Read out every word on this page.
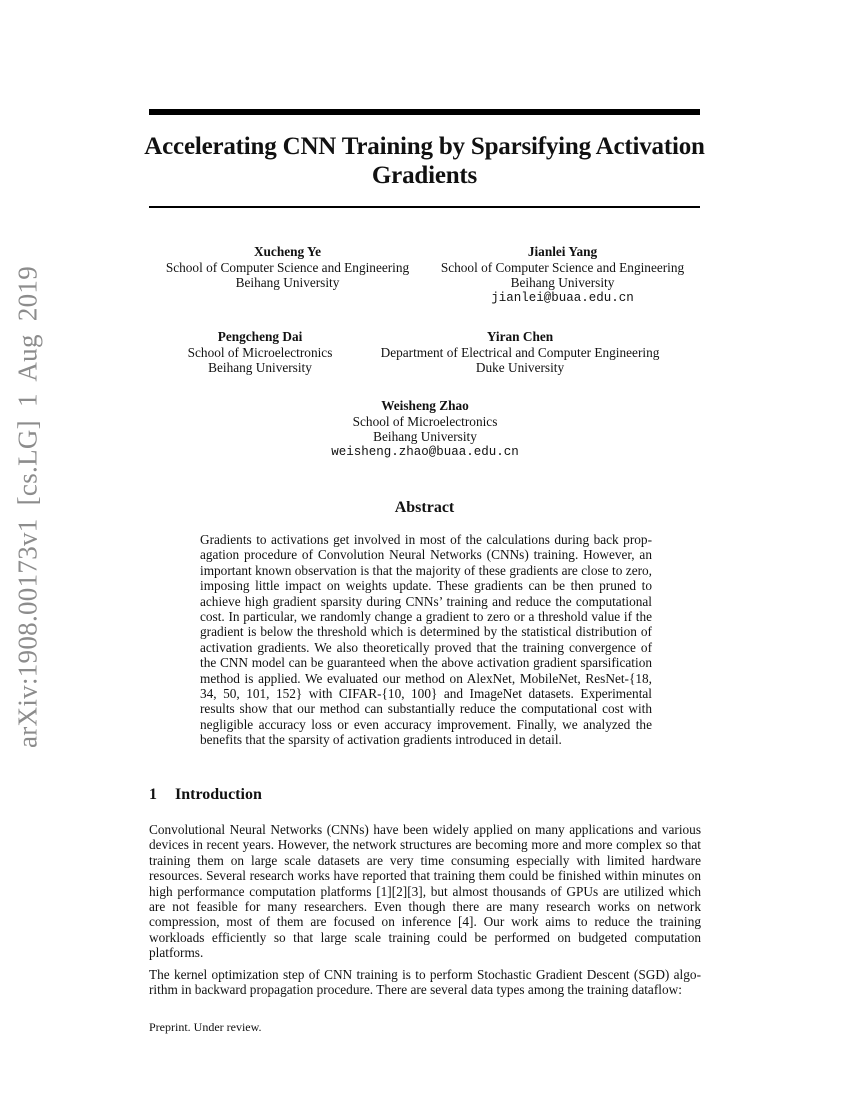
arXiv:1908.00173v1 [cs.LG] 1 Aug 2019
Accelerating CNN Training by Sparsifying Activation Gradients
Xucheng Ye
School of Computer Science and Engineering
Beihang University
Jianlei Yang
School of Computer Science and Engineering
Beihang University
jianlei@buaa.edu.cn
Pengcheng Dai
School of Microelectronics
Beihang University
Yiran Chen
Department of Electrical and Computer Engineering
Duke University
Weisheng Zhao
School of Microelectronics
Beihang University
weisheng.zhao@buaa.edu.cn
Abstract

Gradients to activations get involved in most of the calculations during back propagation procedure of Convolution Neural Networks (CNNs) training. However, an important known observation is that the majority of these gradients are close to zero, imposing little impact on weights update. These gradients can be then pruned to achieve high gradient sparsity during CNNs’ training and reduce the computational cost. In particular, we randomly change a gradient to zero or a threshold value if the gradient is below the threshold which is determined by the statistical distribution of activation gradients. We also theoretically proved that the training convergence of the CNN model can be guaranteed when the above activation gradient sparsification method is applied. We evaluated our method on AlexNet, MobileNet, ResNet-{18, 34, 50, 101, 152} with CIFAR-{10, 100} and ImageNet datasets. Experimental results show that our method can substantially reduce the computational cost with negligible accuracy loss or even accuracy improvement. Finally, we analyzed the benefits that the sparsity of activation gradients introduced in detail.

1 Introduction

Convolutional Neural Networks (CNNs) have been widely applied on many applications and various devices in recent years. However, the network structures are becoming more and more complex so that training them on large scale datasets are very time consuming especially with limited hardware resources. Several research works have reported that training them could be finished within minutes on high performance computation platforms [1][2][3], but almost thousands of GPUs are utilized which are not feasible for many researchers. Even though there are many research works on network compression, most of them are focused on inference [4]. Our work aims to reduce the training workloads efficiently so that large scale training could be performed on budgeted computation platforms.

The kernel optimization step of CNN training is to perform Stochastic Gradient Descent (SGD) algorithm in backward propagation procedure. There are several data types among the training dataflow:

Preprint. Under review.
